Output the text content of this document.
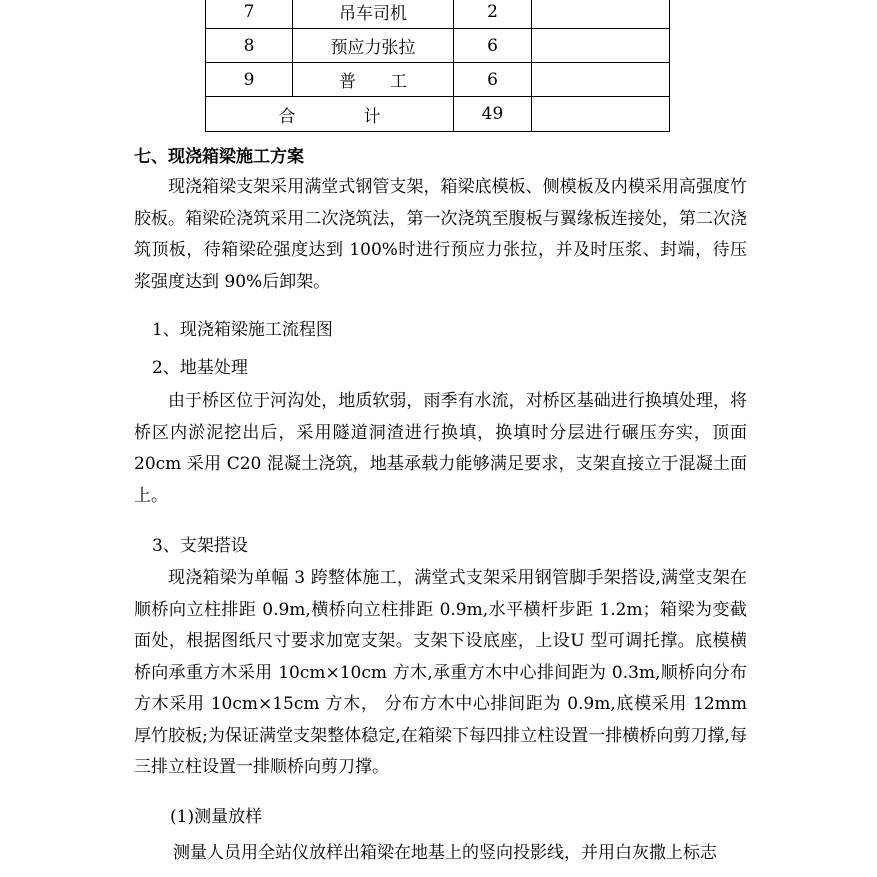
7	吊车司机	2	
8	预应力张拉	6	
9	普　　工	6	
合　　　　计		49	
七、现浇箱梁施工方案
现浇箱梁支架采用满堂式钢管支架，箱梁底模板、侧模板及内模采用高强度竹胶板。箱梁砼浇筑采用二次浇筑法，第一次浇筑至腹板与翼缘板连接处，第二次浇筑顶板，待箱梁砼强度达到 100%时进行预应力张拉，并及时压浆、封端，待压浆强度达到 90%后卸架。
1、现浇箱梁施工流程图
2、地基处理
由于桥区位于河沟处，地质软弱，雨季有水流，对桥区基础进行换填处理，将桥区内淤泥挖出后，采用隧道洞渣进行换填，换填时分层进行碾压夯实，顶面 20cm 采用 C20 混凝土浇筑，地基承载力能够满足要求，支架直接立于混凝土面上。
3、支架搭设
现浇箱梁为单幅 3 跨整体施工，满堂式支架采用钢管脚手架搭设,满堂支架在顺桥向立柱排距 0.9m,横桥向立柱排距 0.9m,水平横杆步距 1.2m；箱梁为变截面处，根据图纸尺寸要求加宽支架。支架下设底座，上设U 型可调托撑。底模横桥向承重方木采用 10cm×10cm 方木,承重方木中心排间距为 0.3m,顺桥向分布方木采用 10cm×15cm 方木， 分布方木中心排间距为 0.9m,底模采用 12mm 厚竹胶板;为保证满堂支架整体稳定,在箱梁下每四排立柱设置一排横桥向剪刀撑,每三排立柱设置一排顺桥向剪刀撑。
(1)测量放样
测量人员用全站仪放样出箱梁在地基上的竖向投影线，并用白灰撒上标志
